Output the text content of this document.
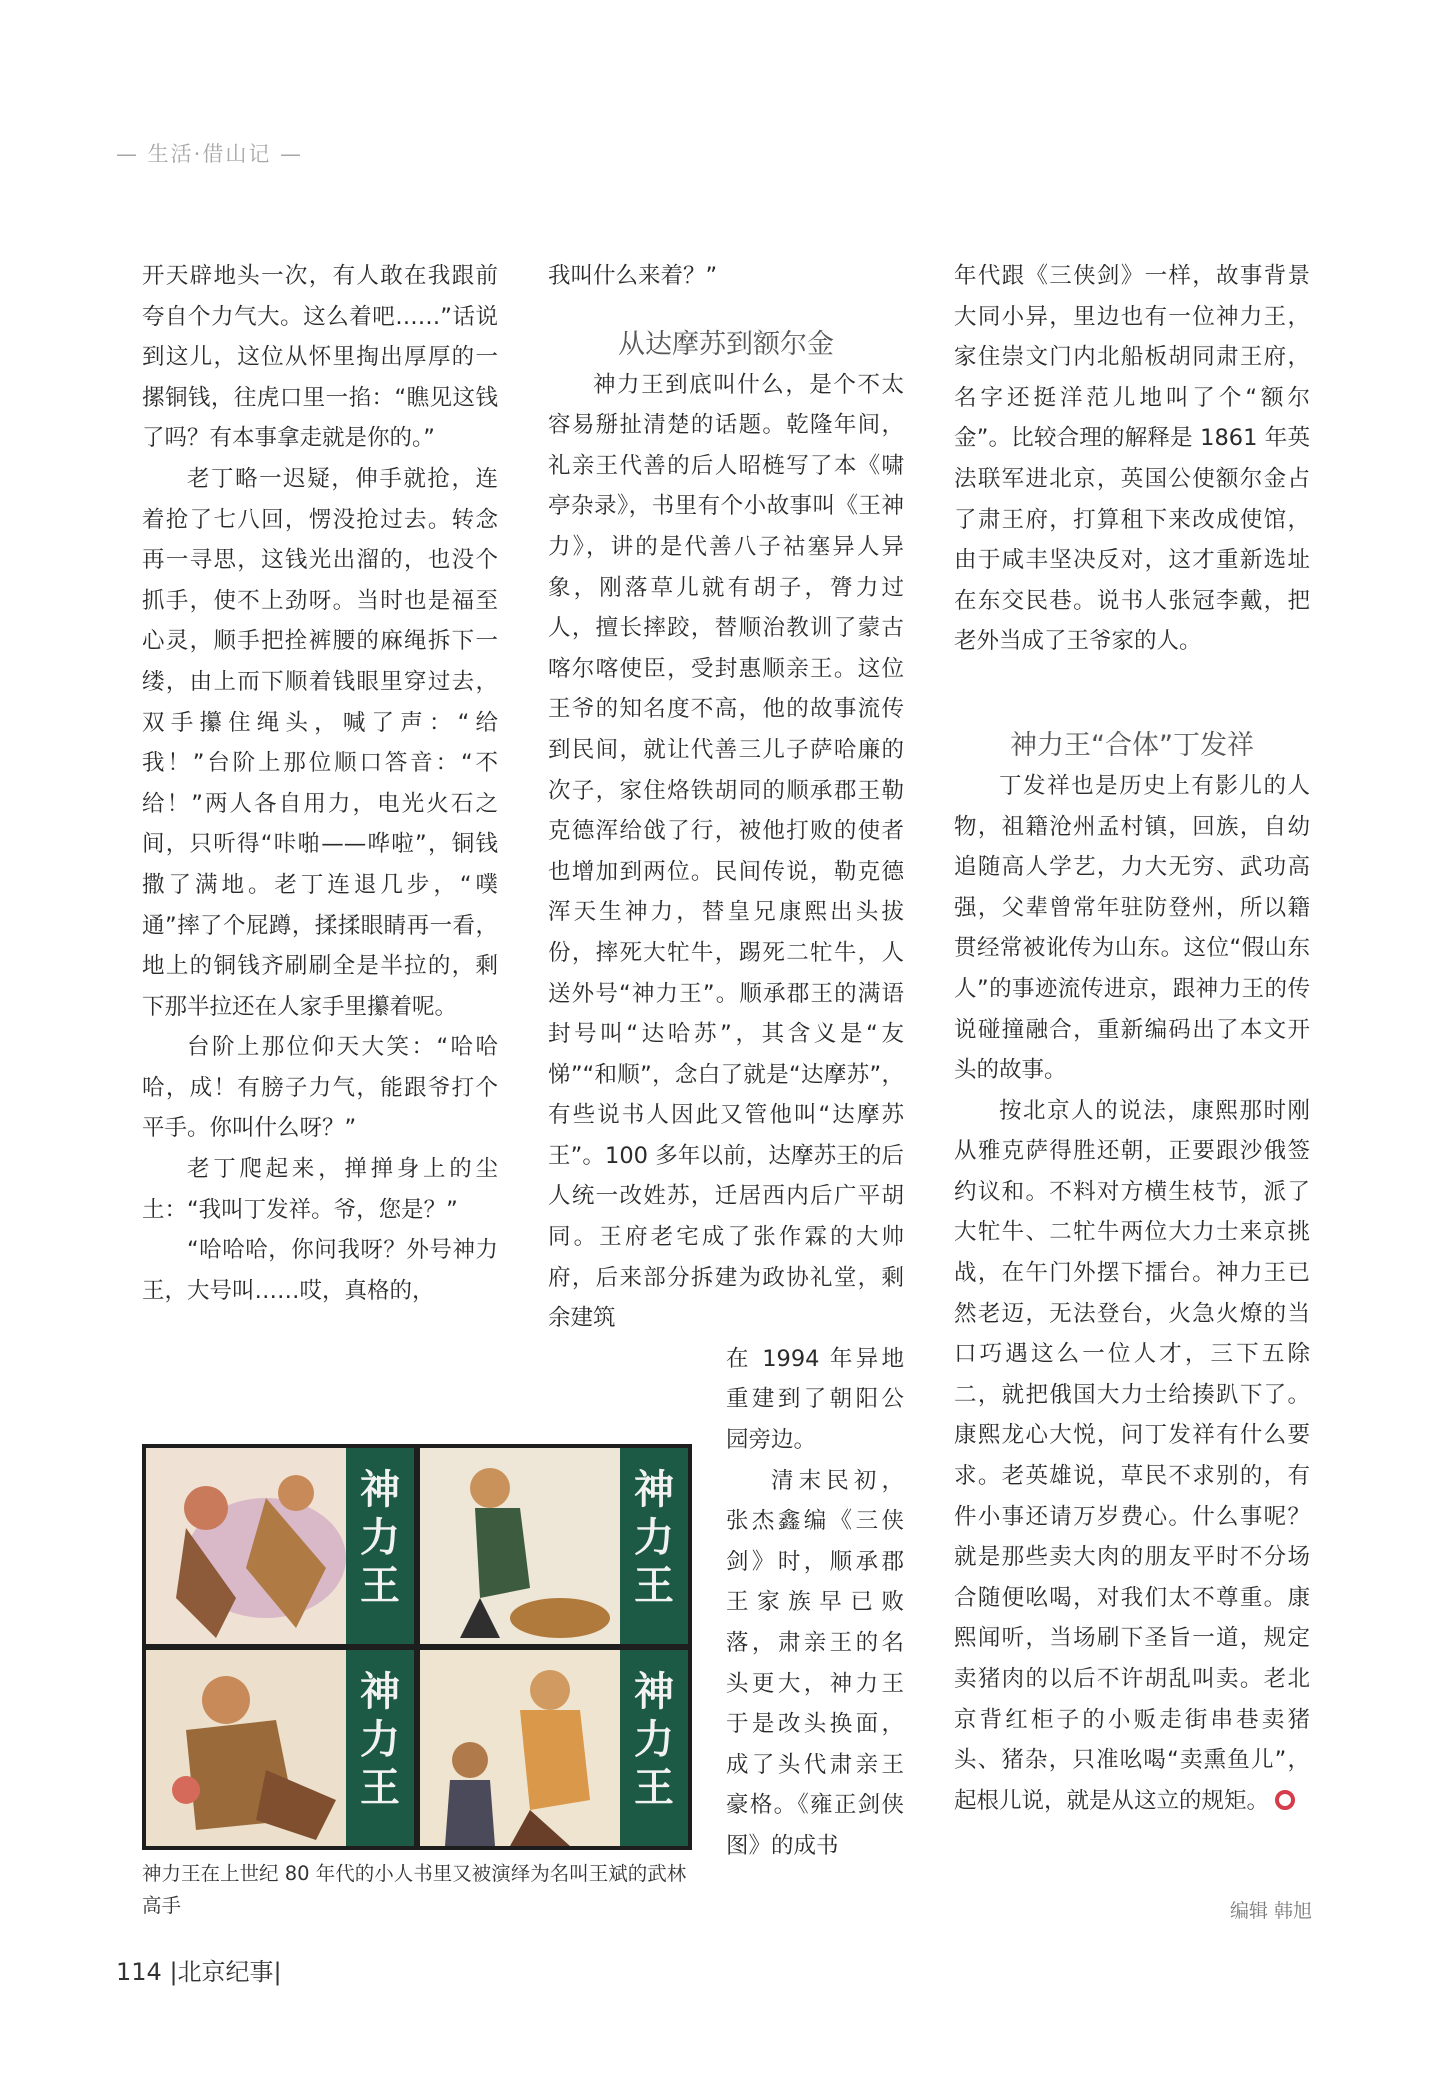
— 生活·借山记 —

开天辟地头一次，有人敢在我跟前夸自个力气大。这么着吧……”话说到这儿，这位从怀里掏出厚厚的一摞铜钱，往虎口里一掐：“瞧见这钱了吗？有本事拿走就是你的。”

老丁略一迟疑，伸手就抢，连着抢了七八回，愣没抢过去。转念再一寻思，这钱光出溜的，也没个抓手，使不上劲呀。当时也是福至心灵，顺手把拴裤腰的麻绳拆下一缕，由上而下顺着钱眼里穿过去，双手攥住绳头，喊了声：“给我！”台阶上那位顺口答音：“不给！”两人各自用力，电光火石之间，只听得“咔啪——哗啦”，铜钱撒了满地。老丁连退几步，“噗通”摔了个屁蹲，揉揉眼睛再一看，地上的铜钱齐刷刷全是半拉的，剩下那半拉还在人家手里攥着呢。

台阶上那位仰天大笑：“哈哈哈，成！有膀子力气，能跟爷打个平手。你叫什么呀？”

老丁爬起来，掸掸身上的尘土：“我叫丁发祥。爷，您是？”

“哈哈哈，你问我呀？外号神力王，大号叫……哎，真格的，

我叫什么来着？”

从达摩苏到额尔金

神力王到底叫什么，是个不太容易掰扯清楚的话题。乾隆年间，礼亲王代善的后人昭梿写了本《啸亭杂录》，书里有个小故事叫《王神力》，讲的是代善八子祜塞异人异象，刚落草儿就有胡子，膂力过人，擅长摔跤，替顺治教训了蒙古喀尔喀使臣，受封惠顺亲王。这位王爷的知名度不高，他的故事流传到民间，就让代善三儿子萨哈廉的次子，家住烙铁胡同的顺承郡王勒克德浑给戗了行，被他打败的使者也增加到两位。民间传说，勒克德浑天生神力，替皇兄康熙出头拔份，摔死大牤牛，踢死二牤牛，人送外号“神力王”。顺承郡王的满语封号叫“达哈苏”，其含义是“友悌”“和顺”，念白了就是“达摩苏”，有些说书人因此又管他叫“达摩苏王”。100 多年以前，达摩苏王的后人统一改姓苏，迁居西内后广平胡同。王府老宅成了张作霖的大帅府，后来部分拆建为政协礼堂，剩余建筑

在 1994 年异地重建到了朝阳公园旁边。

清末民初，张杰鑫编《三侠剑》时，顺承郡王家族早已败落，肃亲王的名头更大，神力王于是改头换面，成了头代肃亲王豪格。《雍正剑侠图》的成书

年代跟《三侠剑》一样，故事背景大同小异，里边也有一位神力王，家住崇文门内北船板胡同肃王府，名字还挺洋范儿地叫了个“额尔金”。比较合理的解释是 1861 年英法联军进北京，英国公使额尔金占了肃王府，打算租下来改成使馆，由于咸丰坚决反对，这才重新选址在东交民巷。说书人张冠李戴，把老外当成了王爷家的人。

神力王“合体”丁发祥

丁发祥也是历史上有影儿的人物，祖籍沧州孟村镇，回族，自幼追随高人学艺，力大无穷、武功高强，父辈曾常年驻防登州，所以籍贯经常被讹传为山东。这位“假山东人”的事迹流传进京，跟神力王的传说碰撞融合，重新编码出了本文开头的故事。

按北京人的说法，康熙那时刚从雅克萨得胜还朝，正要跟沙俄签约议和。不料对方横生枝节，派了大牤牛、二牤牛两位大力士来京挑战，在午门外摆下擂台。神力王已然老迈，无法登台，火急火燎的当口巧遇这么一位人才，三下五除二，就把俄国大力士给揍趴下了。康熙龙心大悦，问丁发祥有什么要求。老英雄说，草民不求别的，有件小事还请万岁费心。什么事呢？就是那些卖大肉的朋友平时不分场合随便吆喝，对我们太不尊重。康熙闻听，当场刷下圣旨一道，规定卖猪肉的以后不许胡乱叫卖。老北京背红柜子的小贩走街串巷卖猪头、猪杂，只准吆喝“卖熏鱼儿”，起根儿说，就是从这立的规矩。

神力王
神力王
神力王
神力王
神力王在上世纪 80 年代的小人书里又被演绎为名叫王斌的武林高手	编辑 韩旭
114 |北京纪事|
